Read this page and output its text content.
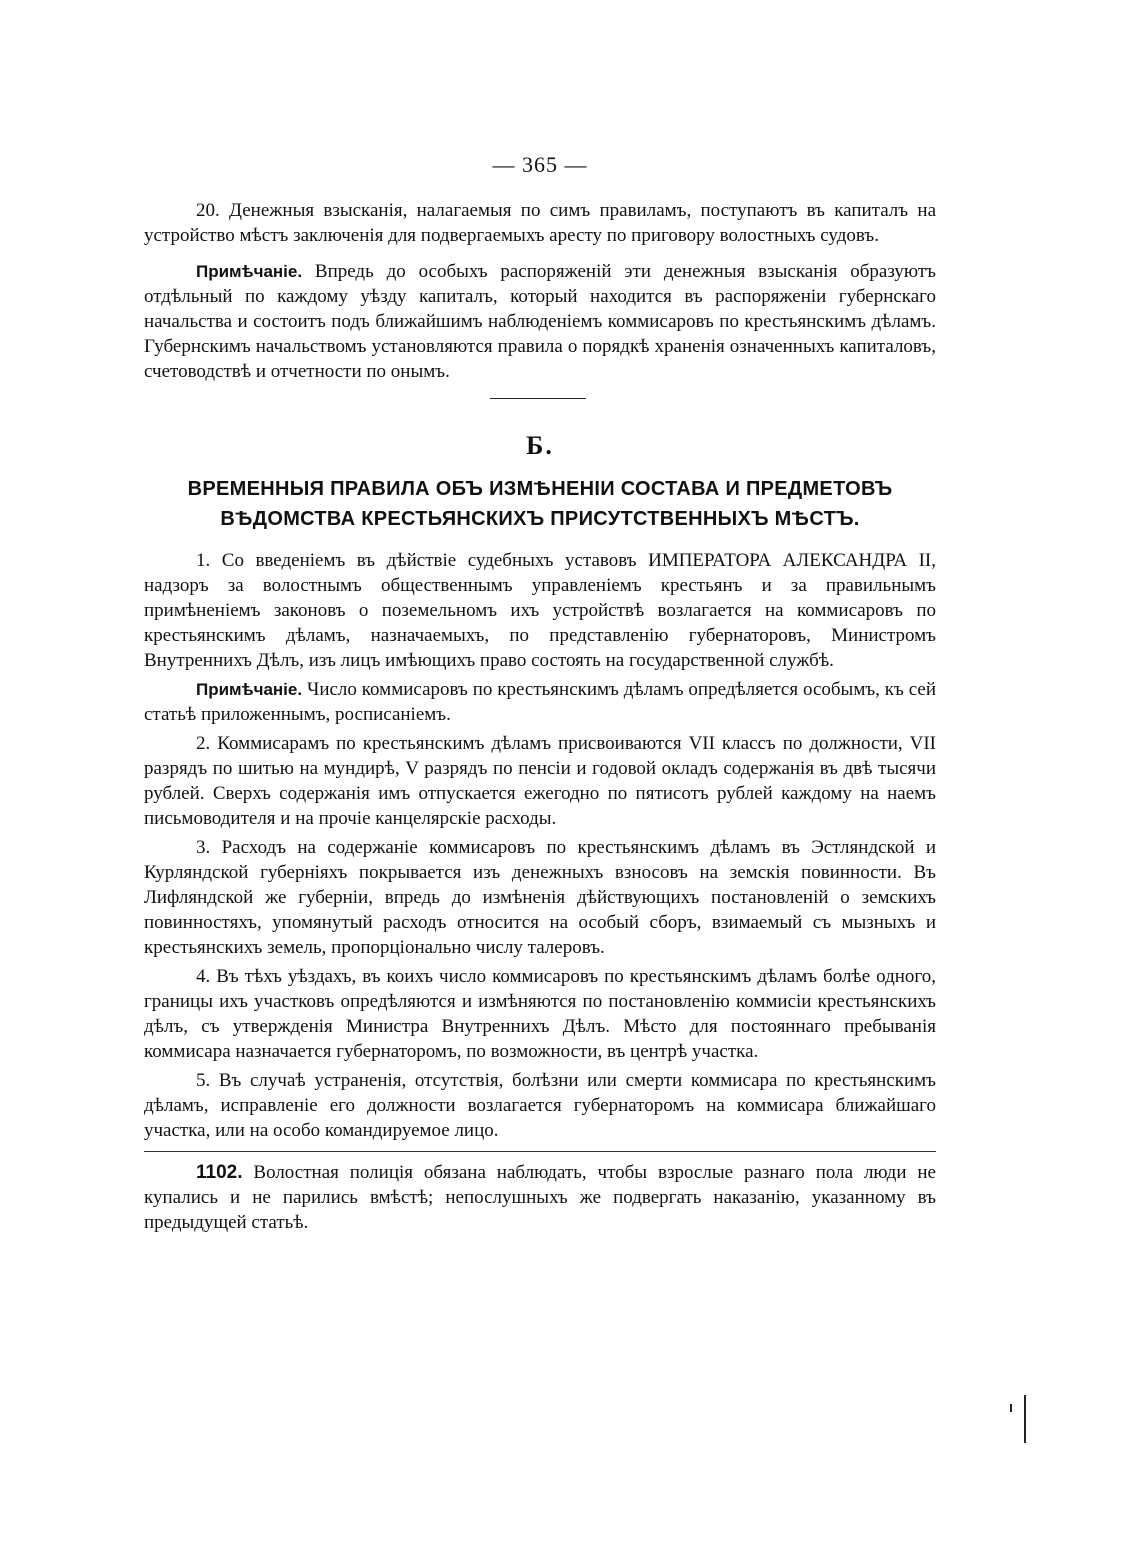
— 365 —

20. Денежныя взысканія, налагаемыя по симъ правиламъ, поступаютъ въ капиталъ на устройство мѣстъ заключенія для подвергаемыхъ аресту по приговору волостныхъ судовъ.

Примѣчаніе. Впредь до особыхъ распоряженій эти денежныя взысканія образуютъ отдѣльный по каждому уѣзду капиталъ, который находится въ распоряженіи губернскаго начальства и состоитъ подъ ближайшимъ наблюденіемъ коммисаровъ по крестьянскимъ дѣламъ. Губернскимъ начальствомъ установляются правила о порядкѣ храненія означенныхъ капиталовъ, счетоводствѣ и отчетности по онымъ.

Б.

ВРЕМЕННЫЯ ПРАВИЛА ОБЪ ИЗМѢНЕНІИ СОСТАВА И ПРЕДМЕТОВЪ

ВѢДОМСТВА КРЕСТЬЯНСКИХЪ ПРИСУТСТВЕННЫХЪ МѢСТЪ.

1. Со введеніемъ въ дѣйствіе судебныхъ уставовъ ИМПЕРАТОРА АЛЕКСАНДРА II, надзоръ за волостнымъ общественнымъ управленіемъ крестьянъ и за правильнымъ примѣненіемъ законовъ о поземельномъ ихъ устройствѣ возлагается на коммисаровъ по крестьянскимъ дѣламъ, назначаемыхъ, по представленію губернаторовъ, Министромъ Внутреннихъ Дѣлъ, изъ лицъ имѣющихъ право состоять на государственной службѣ.

Примѣчаніе. Число коммисаровъ по крестьянскимъ дѣламъ опредѣляется особымъ, къ сей статьѣ приложеннымъ, росписаніемъ.

2. Коммисарамъ по крестьянскимъ дѣламъ присвоиваются VII классъ по должности, VII разрядъ по шитью на мундирѣ, V разрядъ по пенсіи и годовой окладъ содержанія въ двѣ тысячи рублей. Сверхъ содержанія имъ отпускается ежегодно по пятисотъ рублей каждому на наемъ письмоводителя и на прочіе канцелярскіе расходы.

3. Расходъ на содержаніе коммисаровъ по крестьянскимъ дѣламъ въ Эстляндской и Курляндской губерніяхъ покрывается изъ денежныхъ взносовъ на земскія повинности. Въ Лифляндской же губерніи, впредь до измѣненія дѣйствующихъ постановленій о земскихъ повинностяхъ, упомянутый расходъ относится на особый сборъ, взимаемый съ мызныхъ и крестьянскихъ земель, пропорціонально числу талеровъ.

4. Въ тѣхъ уѣздахъ, въ коихъ число коммисаровъ по крестьянскимъ дѣламъ болѣе одного, границы ихъ участковъ опредѣляются и измѣняются по постановленію коммисіи крестьянскихъ дѣлъ, съ утвержденія Министра Внутреннихъ Дѣлъ. Мѣсто для постояннаго пребыванія коммисара назначается губернаторомъ, по возможности, въ центрѣ участка.

5. Въ случаѣ устраненія, отсутствія, болѣзни или смерти коммисара по крестьянскимъ дѣламъ, исправленіе его должности возлагается губернаторомъ на коммисара ближайшаго участка, или на особо командируемое лицо.

1102. Волостная полиція обязана наблюдать, чтобы взрослые разнаго пола люди не купались и не парились вмѣстѣ; непослушныхъ же подвергать наказанію, указанному въ предыдущей статьѣ.
